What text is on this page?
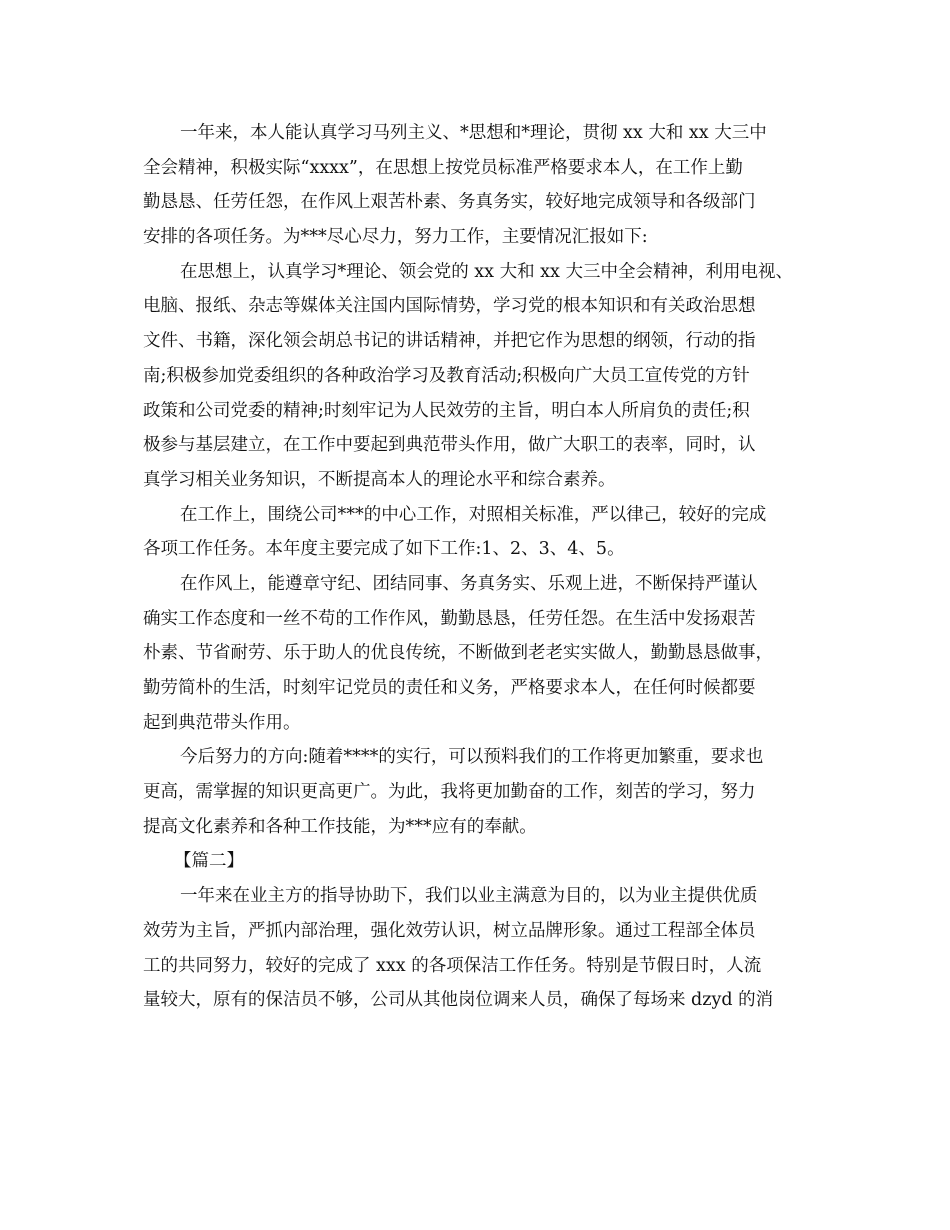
一年来，本人能认真学习马列主义、*思想和*理论，贯彻 xx 大和 xx 大三中
全会精神，积极实际“xxxx”，在思想上按党员标准严格要求本人，在工作上勤
勤恳恳、任劳任怨，在作风上艰苦朴素、务真务实，较好地完成领导和各级部门
安排的各项任务。为***尽心尽力，努力工作，主要情况汇报如下:
在思想上，认真学习*理论、领会党的 xx 大和 xx 大三中全会精神，利用电视、
电脑、报纸、杂志等媒体关注国内国际情势，学习党的根本知识和有关政治思想
文件、书籍，深化领会胡总书记的讲话精神，并把它作为思想的纲领，行动的指
南;积极参加党委组织的各种政治学习及教育活动;积极向广大员工宣传党的方针
政策和公司党委的精神;时刻牢记为人民效劳的主旨，明白本人所肩负的责任;积
极参与基层建立，在工作中要起到典范带头作用，做广大职工的表率，同时，认
真学习相关业务知识，不断提高本人的理论水平和综合素养。
在工作上，围绕公司***的中心工作，对照相关标准，严以律己，较好的完成
各项工作任务。本年度主要完成了如下工作:1、2、3、4、5。
在作风上，能遵章守纪、团结同事、务真务实、乐观上进，不断保持严谨认
确实工作态度和一丝不苟的工作作风，勤勤恳恳，任劳任怨。在生活中发扬艰苦
朴素、节省耐劳、乐于助人的优良传统，不断做到老老实实做人，勤勤恳恳做事，
勤劳简朴的生活，时刻牢记党员的责任和义务，严格要求本人，在任何时候都要
起到典范带头作用。
今后努力的方向:随着****的实行，可以预料我们的工作将更加繁重，要求也
更高，需掌握的知识更高更广。为此，我将更加勤奋的工作，刻苦的学习，努力
提高文化素养和各种工作技能，为***应有的奉献。
【篇二】
一年来在业主方的指导协助下，我们以业主满意为目的，以为业主提供优质
效劳为主旨，严抓内部治理，强化效劳认识，树立品牌形象。通过工程部全体员
工的共同努力，较好的完成了 xxx 的各项保洁工作任务。特别是节假日时，人流
量较大，原有的保洁员不够，公司从其他岗位调来人员，确保了每场来 dzyd 的消
